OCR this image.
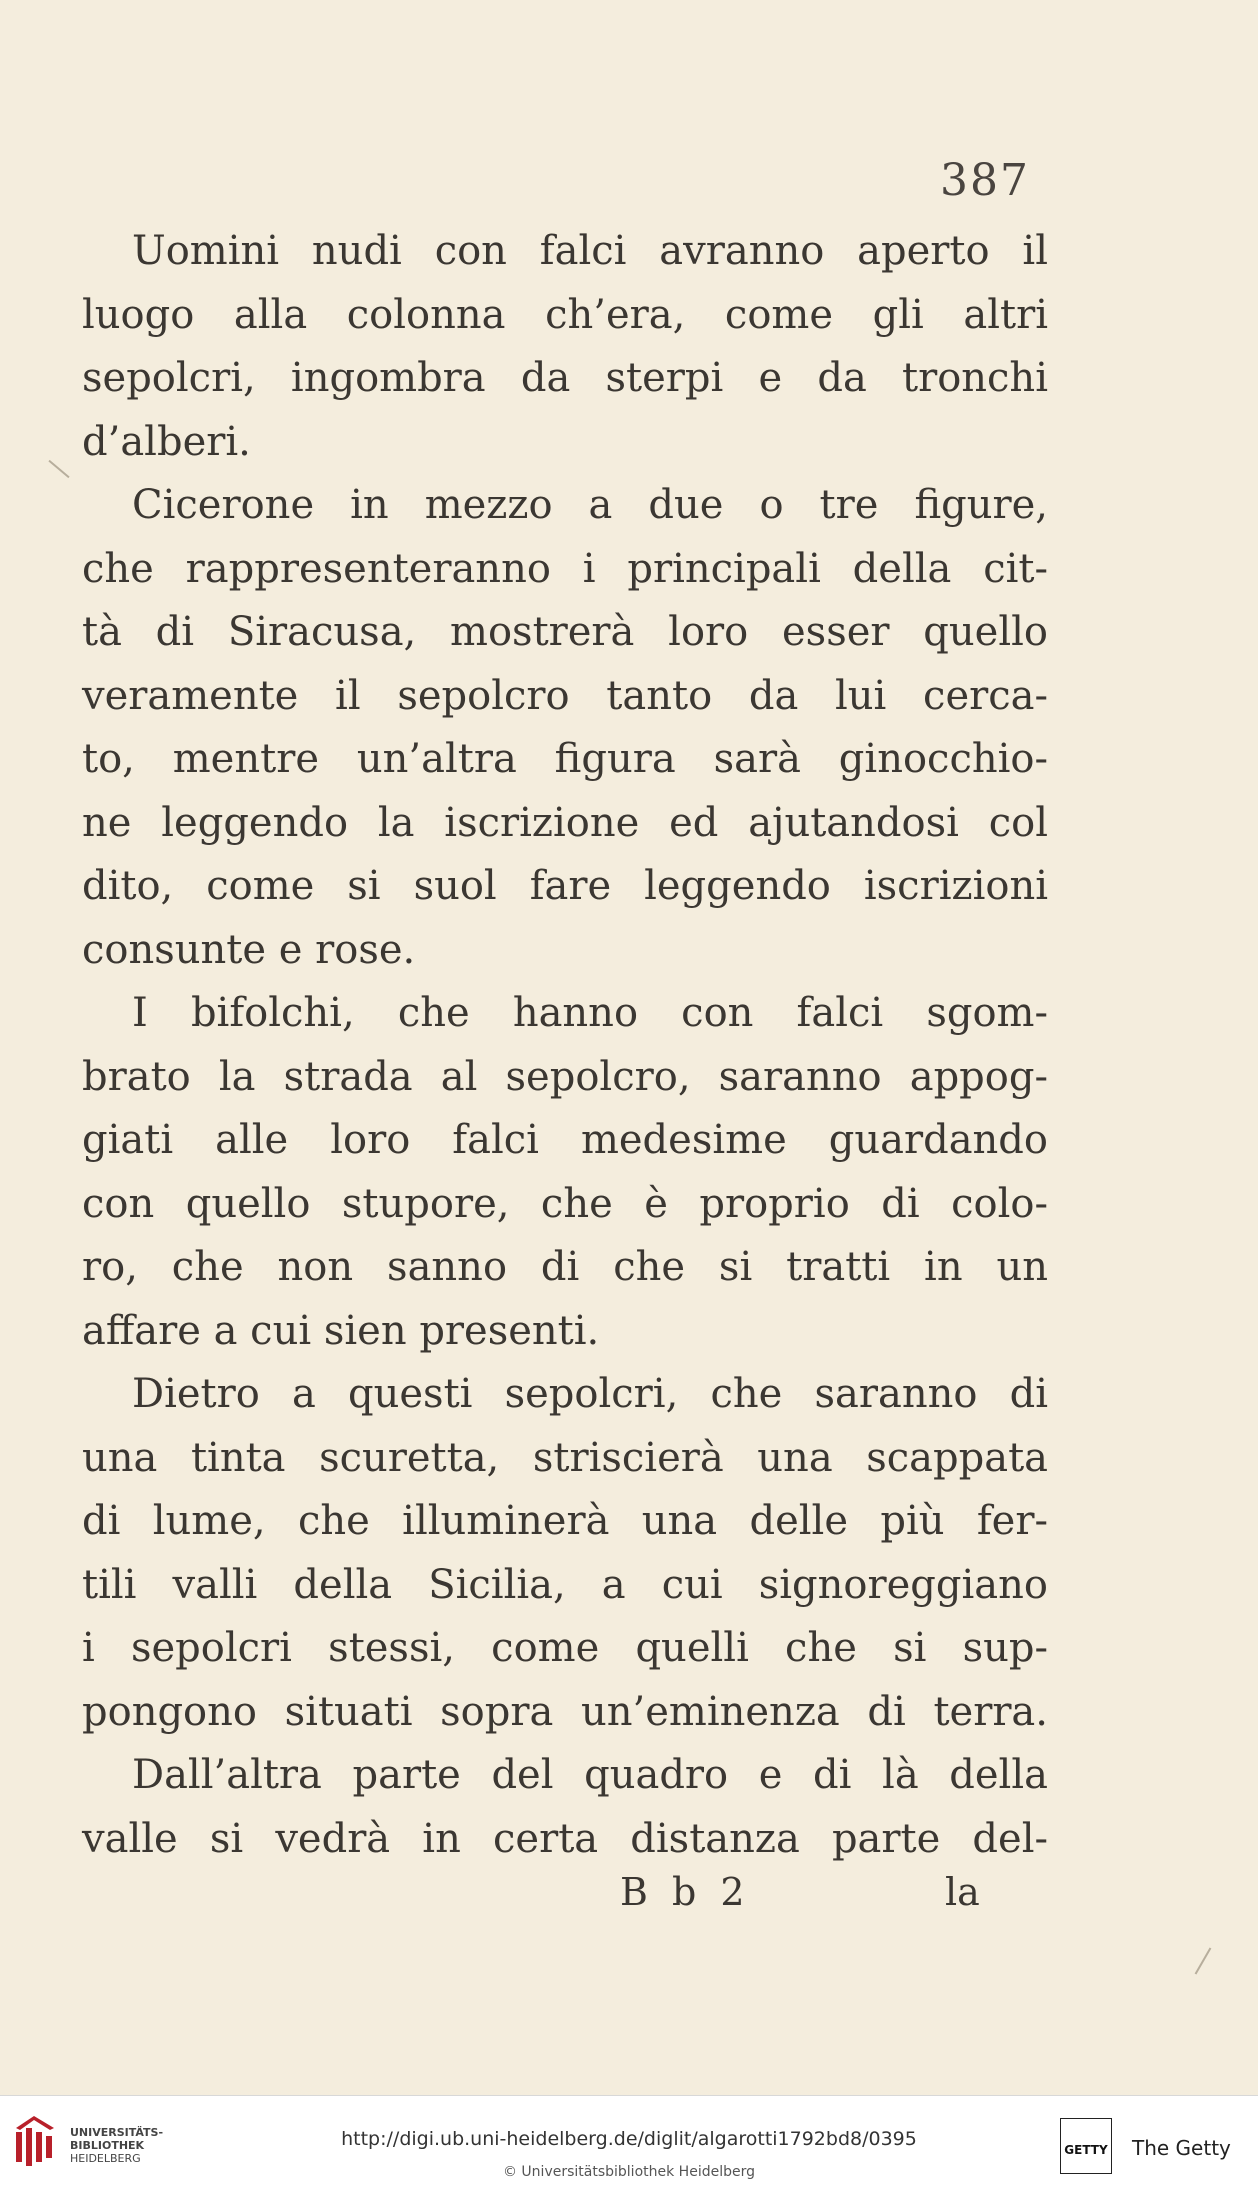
387
Uomini nudi con falci avranno aperto il
luogo alla colonna ch’era, come gli altri
sepolcri, ingombra da sterpi e da tronchi
d’alberi.
Cicerone in mezzo a due o tre figure,
che rappresenteranno i principali della cit-
tà di Siracusa, mostrerà loro esser quello
veramente il sepolcro tanto da lui cerca-
to, mentre un’altra figura sarà ginocchio-
ne leggendo la iscrizione ed ajutandosi col
dito, come si suol fare leggendo iscrizioni
consunte e rose.
I bifolchi, che hanno con falci sgom-
brato la strada al sepolcro, saranno appog-
giati alle loro falci medesime guardando
con quello stupore, che è proprio di colo-
ro, che non sanno di che si tratti in un
affare a cui sien presenti.
Dietro a questi sepolcri, che saranno di
una tinta scuretta, striscierà una scappata
di lume, che illuminerà una delle più fer-
tili valli della Sicilia, a cui signoreggiano
i sepolcri stessi, come quelli che si sup-
pongono situati sopra un’eminenza di terra.
Dall’altra parte del quadro e di là della
valle si vedrà in certa distanza parte del-
B b 2	la
UNIVERSITÄTS-
BIBLIOTHEK
HEIDELBERG
http://digi.ub.uni-heidelberg.de/diglit/algarotti1792bd8/0395
© Universitätsbibliothek Heidelberg
GETTY The Getty
